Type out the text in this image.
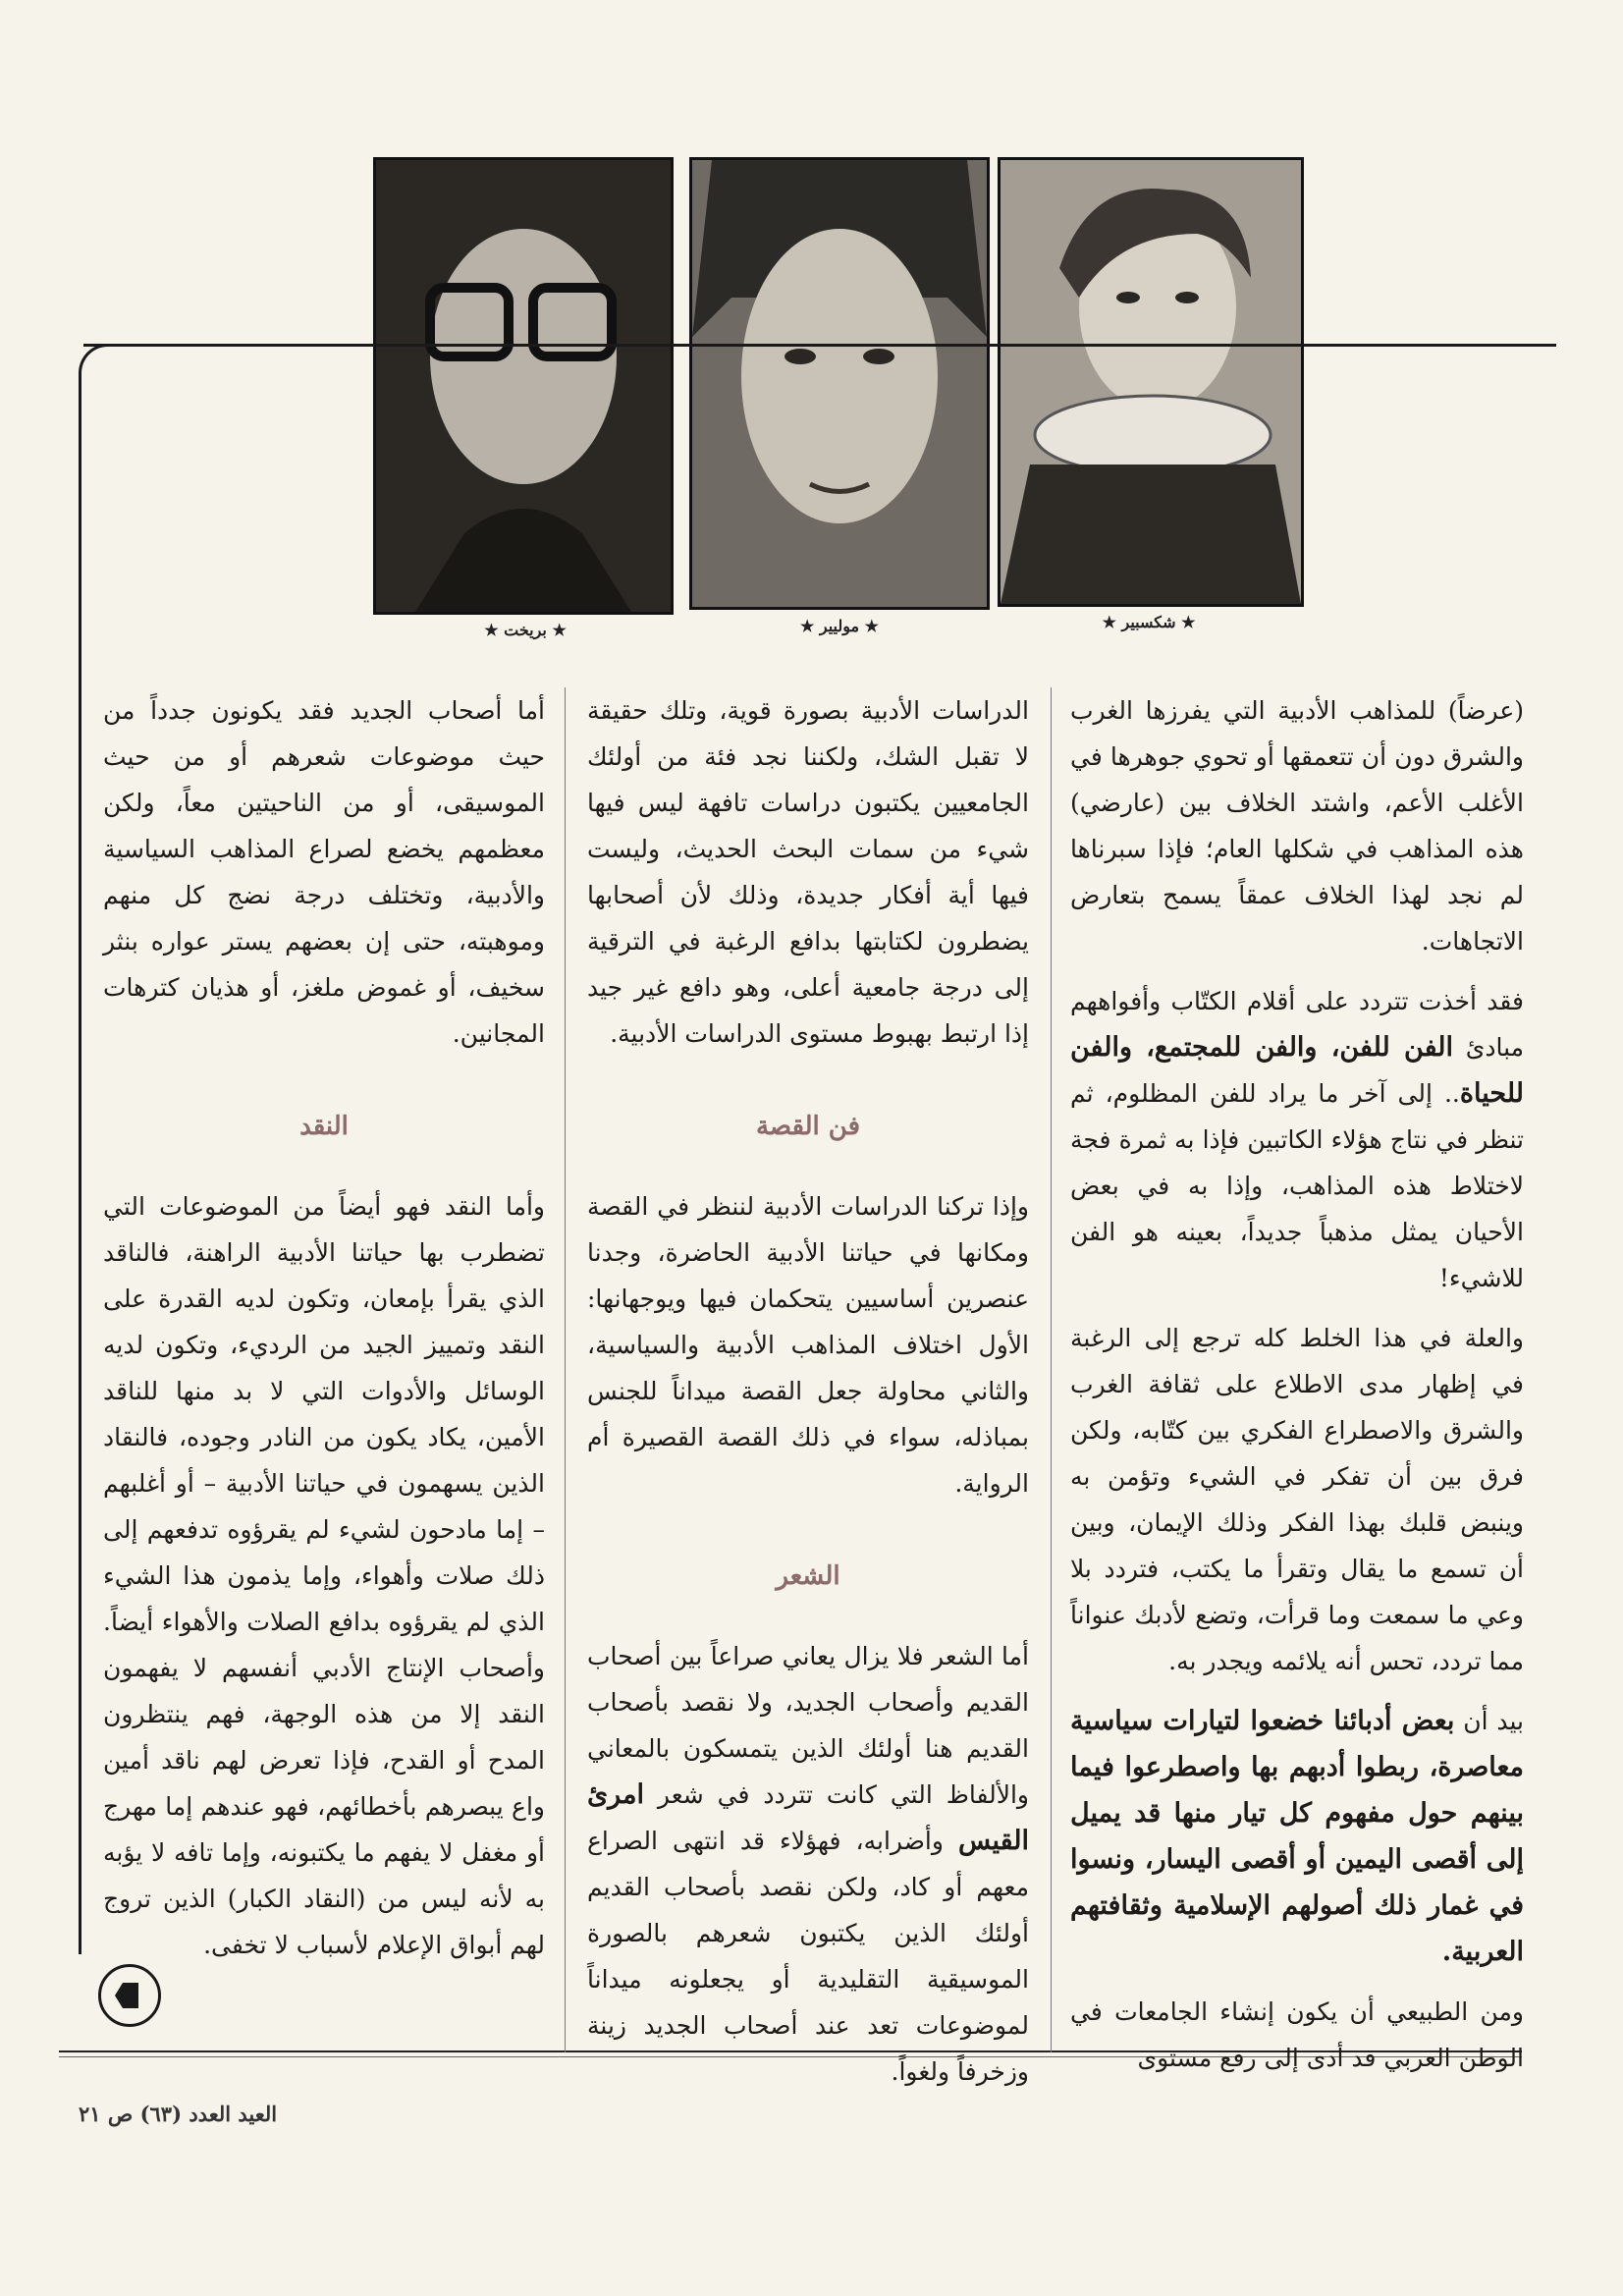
★ بريخت ★	★ موليير ★	★ شكسبير ★

(عرضاً) للمذاهب الأدبية التي يفرزها الغرب والشرق دون أن تتعمقها أو تحوي جوهرها في الأغلب الأعم، واشتد الخلاف بين (عارضي) هذه المذاهب في شكلها العام؛ فإذا سبرناها لم نجد لهذا الخلاف عمقاً يسمح بتعارض الاتجاهات.

فقد أخذت تتردد على أقلام الكتّاب وأفواههم مبادئ الفن للفن، والفن للمجتمع، والفن للحياة.. إلى آخر ما يراد للفن المظلوم، ثم تنظر في نتاج هؤلاء الكاتبين فإذا به ثمرة فجة لاختلاط هذه المذاهب، وإذا به في بعض الأحيان يمثل مذهباً جديداً، بعينه هو الفن للاشيء!

والعلة في هذا الخلط كله ترجع إلى الرغبة في إظهار مدى الاطلاع على ثقافة الغرب والشرق والاصطراع الفكري بين كتّابه، ولكن فرق بين أن تفكر في الشيء وتؤمن به وينبض قلبك بهذا الفكر وذلك الإيمان، وبين أن تسمع ما يقال وتقرأ ما يكتب، فتردد بلا وعي ما سمعت وما قرأت، وتضع لأدبك عنواناً مما تردد، تحس أنه يلائمه ويجدر به.

بيد أن بعض أدبائنا خضعوا لتيارات سياسية معاصرة، ربطوا أدبهم بها واصطرعوا فيما بينهم حول مفهوم كل تيار منها قد يميل إلى أقصى اليمين أو أقصى اليسار، ونسوا في غمار ذلك أصولهم الإسلامية وثقافتهم العربية.

ومن الطبيعي أن يكون إنشاء الجامعات في الوطن العربي قد أدى إلى رفع مستوى

الدراسات الأدبية بصورة قوية، وتلك حقيقة لا تقبل الشك، ولكننا نجد فئة من أولئك الجامعيين يكتبون دراسات تافهة ليس فيها شيء من سمات البحث الحديث، وليست فيها أية أفكار جديدة، وذلك لأن أصحابها يضطرون لكتابتها بدافع الرغبة في الترقية إلى درجة جامعية أعلى، وهو دافع غير جيد إذا ارتبط بهبوط مستوى الدراسات الأدبية.

فن القصة

وإذا تركنا الدراسات الأدبية لننظر في القصة ومكانها في حياتنا الأدبية الحاضرة، وجدنا عنصرين أساسيين يتحكمان فيها ويوجهانها: الأول اختلاف المذاهب الأدبية والسياسية، والثاني محاولة جعل القصة ميداناً للجنس بمباذله، سواء في ذلك القصة القصيرة أم الرواية.

الشعر

أما الشعر فلا يزال يعاني صراعاً بين أصحاب القديم وأصحاب الجديد، ولا نقصد بأصحاب القديم هنا أولئك الذين يتمسكون بالمعاني والألفاظ التي كانت تتردد في شعر امرئ القيس وأضرابه، فهؤلاء قد انتهى الصراع معهم أو كاد، ولكن نقصد بأصحاب القديم أولئك الذين يكتبون شعرهم بالصورة الموسيقية التقليدية أو يجعلونه ميداناً لموضوعات تعد عند أصحاب الجديد زينة وزخرفاً ولغواً.

أما أصحاب الجديد فقد يكونون جدداً من حيث موضوعات شعرهم أو من حيث الموسيقى، أو من الناحيتين معاً، ولكن معظمهم يخضع لصراع المذاهب السياسية والأدبية، وتختلف درجة نضج كل منهم وموهبته، حتى إن بعضهم يستر عواره بنثر سخيف، أو غموض ملغز، أو هذيان كترهات المجانين.

النقد

وأما النقد فهو أيضاً من الموضوعات التي تضطرب بها حياتنا الأدبية الراهنة، فالناقد الذي يقرأ بإمعان، وتكون لديه القدرة على النقد وتمييز الجيد من الرديء، وتكون لديه الوسائل والأدوات التي لا بد منها للناقد الأمين، يكاد يكون من النادر وجوده، فالنقاد الذين يسهمون في حياتنا الأدبية – أو أغلبهم – إما مادحون لشيء لم يقرؤوه تدفعهم إلى ذلك صلات وأهواء، وإما يذمون هذا الشيء الذي لم يقرؤوه بدافع الصلات والأهواء أيضاً. وأصحاب الإنتاج الأدبي أنفسهم لا يفهمون النقد إلا من هذه الوجهة، فهم ينتظرون المدح أو القدح، فإذا تعرض لهم ناقد أمين واع يبصرهم بأخطائهم، فهو عندهم إما مهرج أو مغفل لا يفهم ما يكتبونه، وإما تافه لا يؤبه به لأنه ليس من (النقاد الكبار) الذين تروج لهم أبواق الإعلام لأسباب لا تخفى.

العيد العدد (٦٣) ص ٢١
